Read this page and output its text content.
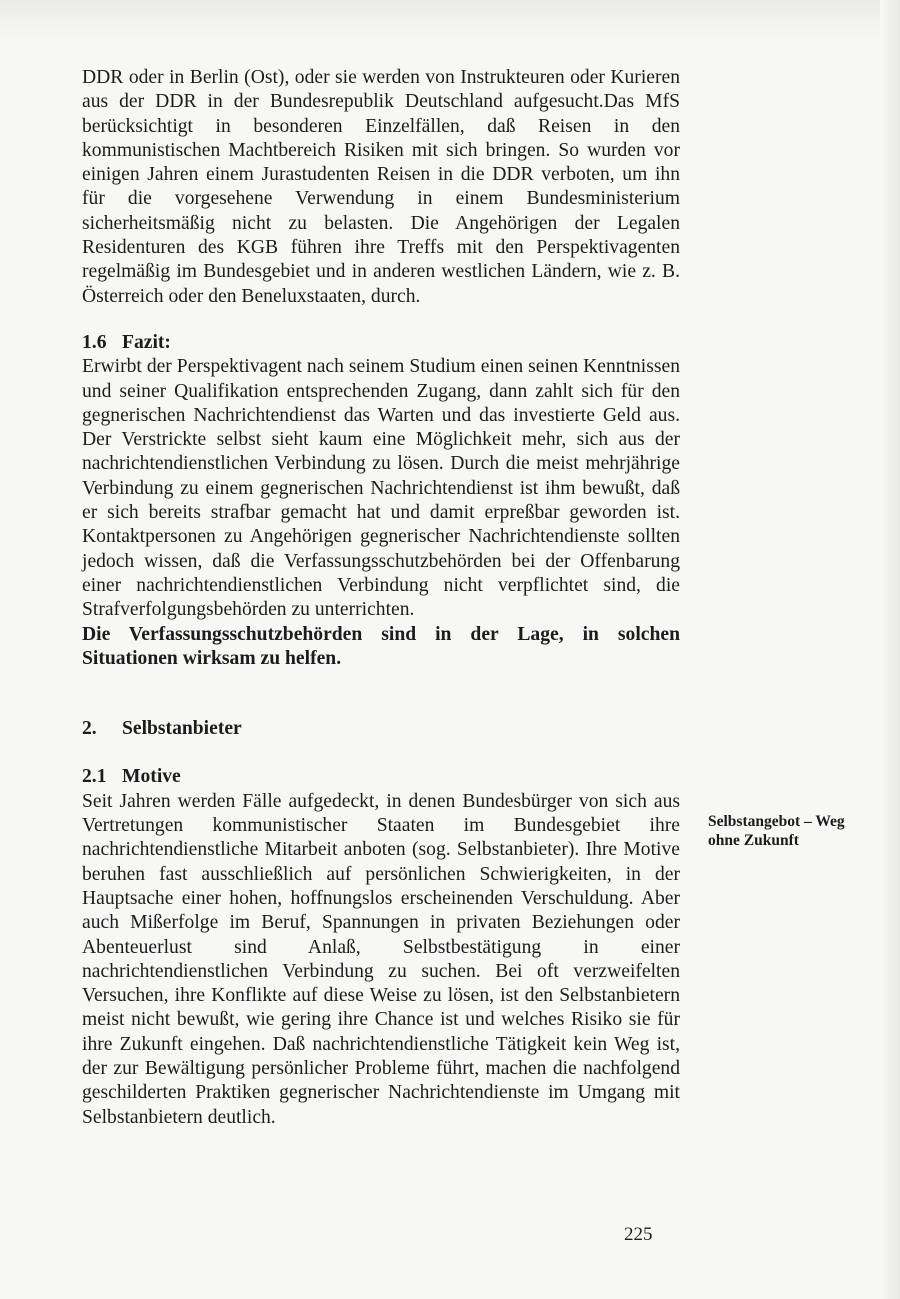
DDR oder in Berlin (Ost), oder sie werden von Instrukteuren oder Kurieren aus der DDR in der Bundesrepublik Deutschland aufgesucht.Das MfS berücksichtigt in besonderen Einzelfällen, daß Reisen in den kommunistischen Machtbereich Risiken mit sich bringen. So wurden vor einigen Jahren einem Jurastudenten Reisen in die DDR verboten, um ihn für die vorgesehene Verwendung in einem Bundesministerium sicherheitsmäßig nicht zu belasten. Die Angehörigen der Legalen Residenturen des KGB führen ihre Treffs mit den Perspektivagenten regelmäßig im Bundesgebiet und in anderen westlichen Ländern, wie z. B. Österreich oder den Beneluxstaaten, durch.

1.6 Fazit:

Erwirbt der Perspektivagent nach seinem Studium einen seinen Kenntnissen und seiner Qualifikation entsprechenden Zugang, dann zahlt sich für den gegnerischen Nachrichtendienst das Warten und das investierte Geld aus. Der Verstrickte selbst sieht kaum eine Möglichkeit mehr, sich aus der nachrichtendienstlichen Verbindung zu lösen. Durch die meist mehrjährige Verbindung zu einem gegnerischen Nachrichtendienst ist ihm bewußt, daß er sich bereits strafbar gemacht hat und damit erpreßbar geworden ist. Kontaktpersonen zu Angehörigen gegnerischer Nachrichtendienste sollten jedoch wissen, daß die Verfassungsschutzbehörden bei der Offenbarung einer nachrichtendienstlichen Verbindung nicht verpflichtet sind, die Strafverfolgungsbehörden zu unterrichten.

Die Verfassungsschutzbehörden sind in der Lage, in solchen Situationen wirksam zu helfen.

2. Selbstanbieter

2.1 Motive

Seit Jahren werden Fälle aufgedeckt, in denen Bundesbürger von sich aus Vertretungen kommunistischer Staaten im Bundesgebiet ihre nachrichtendienstliche Mitarbeit anboten (sog. Selbstanbieter). Ihre Motive beruhen fast ausschließlich auf persönlichen Schwierigkeiten, in der Hauptsache einer hohen, hoffnungslos erscheinenden Verschuldung. Aber auch Mißerfolge im Beruf, Spannungen in privaten Beziehungen oder Abenteuerlust sind Anlaß, Selbstbestätigung in einer nachrichtendienstlichen Verbindung zu suchen. Bei oft verzweifelten Versuchen, ihre Konflikte auf diese Weise zu lösen, ist den Selbstanbietern meist nicht bewußt, wie gering ihre Chance ist und welches Risiko sie für ihre Zukunft eingehen. Daß nachrichtendienstliche Tätigkeit kein Weg ist, der zur Bewältigung persönlicher Probleme führt, machen die nachfolgend geschilderten Praktiken gegnerischer Nachrichtendienste im Umgang mit Selbstanbietern deutlich.

Selbstangebot – Weg ohne Zukunft
225
